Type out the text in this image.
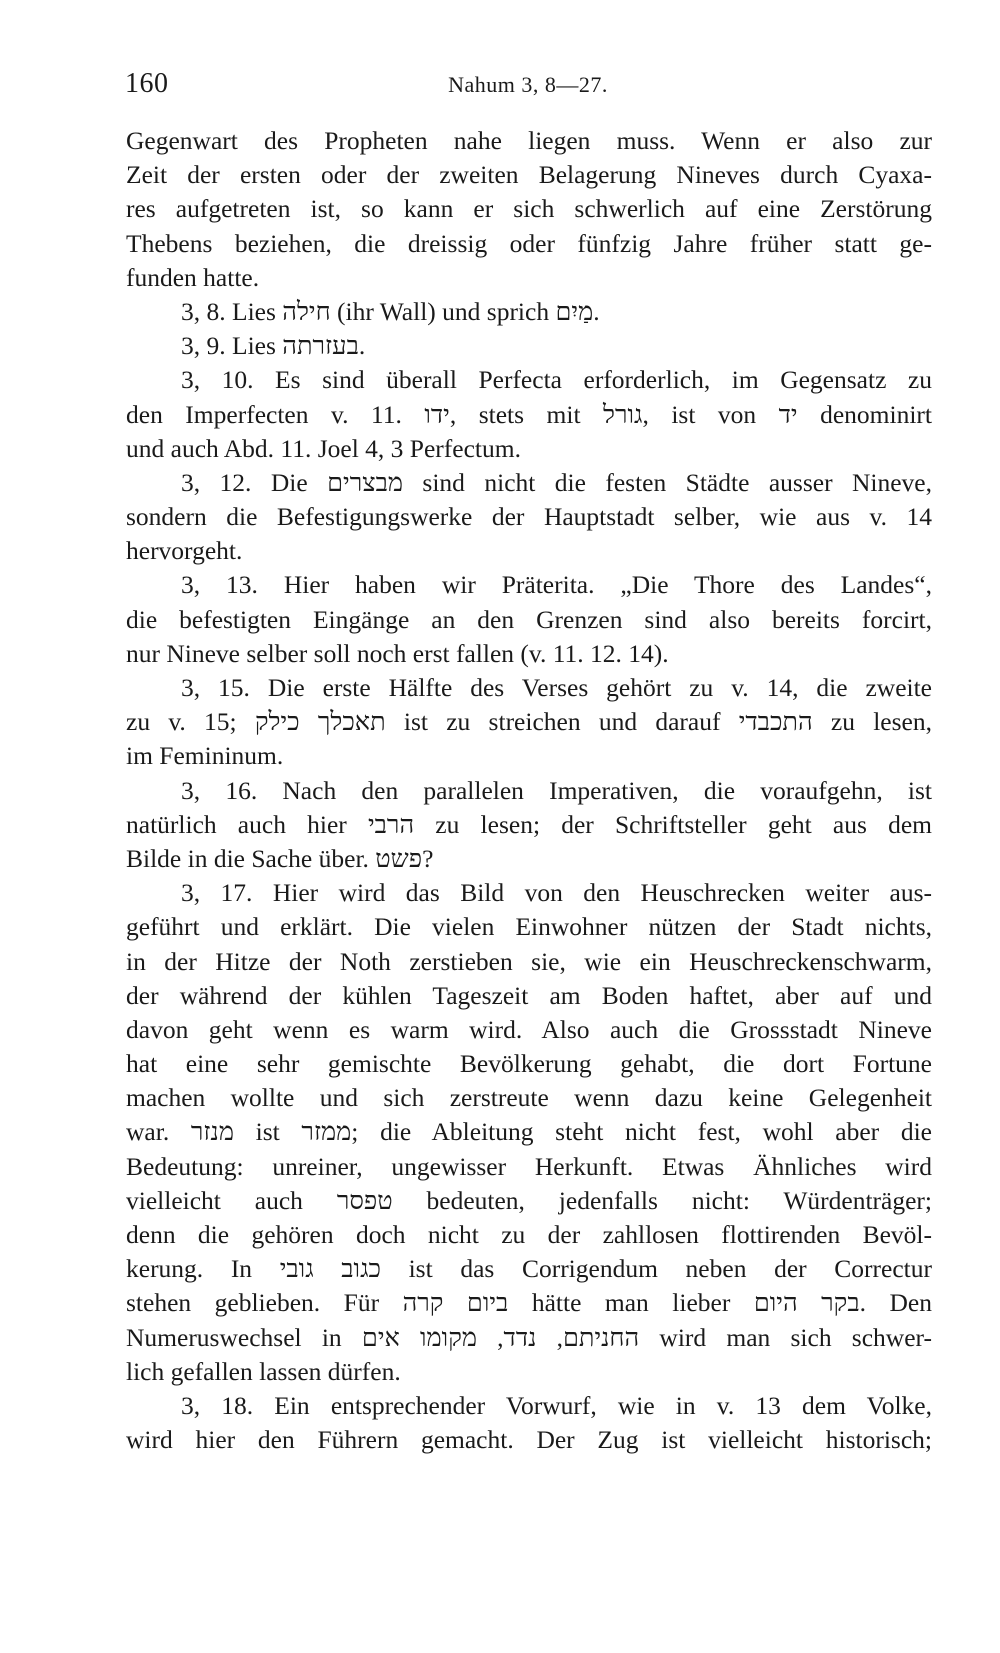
160	Nahum 3, 8—27.
Gegenwart des Propheten nahe liegen muss. Wenn er also zur
Zeit der ersten oder der zweiten Belagerung Nineves durch Cyaxa-
res aufgetreten ist, so kann er sich schwerlich auf eine Zerstörung
Thebens beziehen, die dreissig oder fünfzig Jahre früher statt ge-
funden hatte.
3, 8. Lies חילה (ihr Wall) und sprich מַיִם.
3, 9. Lies בעזרתה.
3, 10. Es sind überall Perfecta erforderlich, im Gegensatz zu
den Imperfecten v. 11. ידו, stets mit גורל, ist von יד denominirt
und auch Abd. 11. Joel 4, 3 Perfectum.
3, 12. Die מבצרים sind nicht die festen Städte ausser Nineve,
sondern die Befestigungswerke der Hauptstadt selber, wie aus v. 14
hervorgeht.
3, 13. Hier haben wir Präterita. „Die Thore des Landes“,
die befestigten Eingänge an den Grenzen sind also bereits forcirt,
nur Nineve selber soll noch erst fallen (v. 11. 12. 14).
3, 15. Die erste Hälfte des Verses gehört zu v. 14, die zweite
zu v. 15; תאכלך כילק ist zu streichen und darauf התכבדי zu lesen,
im Femininum.
3, 16. Nach den parallelen Imperativen, die voraufgehn, ist
natürlich auch hier הרבי zu lesen; der Schriftsteller geht aus dem
Bilde in die Sache über. פשט?
3, 17. Hier wird das Bild von den Heuschrecken weiter aus-
geführt und erklärt. Die vielen Einwohner nützen der Stadt nichts,
in der Hitze der Noth zerstieben sie, wie ein Heuschreckenschwarm,
der während der kühlen Tageszeit am Boden haftet, aber auf und
davon geht wenn es warm wird. Also auch die Grossstadt Nineve
hat eine sehr gemischte Bevölkerung gehabt, die dort Fortune
machen wollte und sich zerstreute wenn dazu keine Gelegenheit
war. מנזר ist ממזר; die Ableitung steht nicht fest, wohl aber die
Bedeutung: unreiner, ungewisser Herkunft. Etwas Ähnliches wird
vielleicht auch טפסר bedeuten, jedenfalls nicht: Würdenträger;
denn die gehören doch nicht zu der zahllosen flottirenden Bevöl-
kerung. In כגוב גובי ist das Corrigendum neben der Correctur
stehen geblieben. Für ביום קרה hätte man lieber בקר היום. Den
Numeruswechsel in החניתם, נדד, מקומו אים wird man sich schwer-
lich gefallen lassen dürfen.
3, 18. Ein entsprechender Vorwurf, wie in v. 13 dem Volke,
wird hier den Führern gemacht. Der Zug ist vielleicht historisch;
